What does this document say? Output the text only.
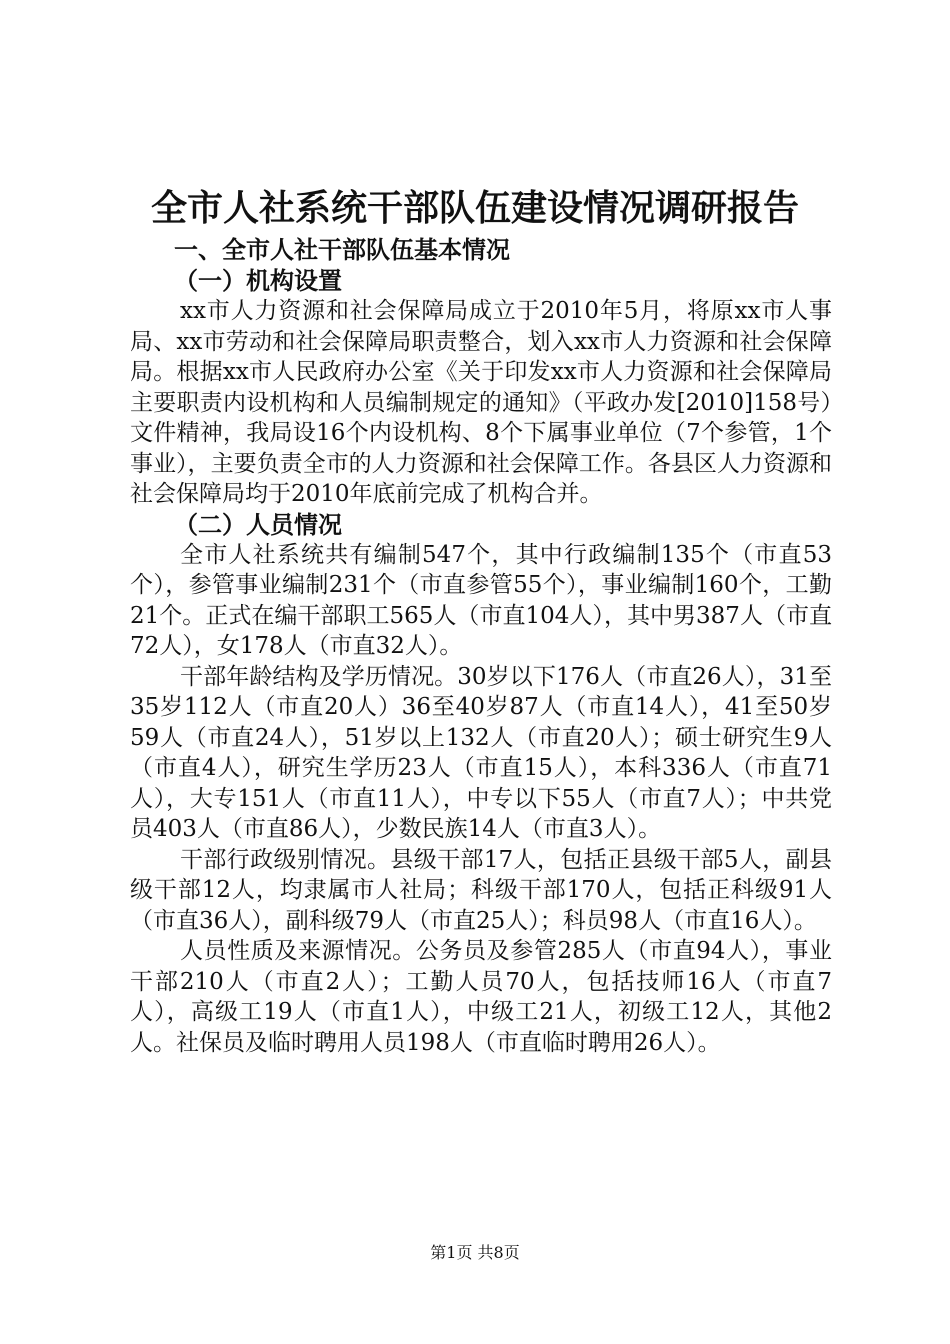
全市人社系统干部队伍建设情况调研报告
一、全市人社干部队伍基本情况
（一）机构设置

xx市人力资源和社会保障局成立于2010年5月，将原xx市人事局、xx市劳动和社会保障局职责整合，划入xx市人力资源和社会保障局。根据xx市人民政府办公室《关于印发xx市人力资源和社会保障局主要职责内设机构和人员编制规定的通知》（平政办发[2010]158号）文件精神，我局设16个内设机构、8个下属事业单位（7个参管，1个事业），主要负责全市的人力资源和社会保障工作。各县区人力资源和社会保障局均于2010年底前完成了机构合并。

（二）人员情况

全市人社系统共有编制547个，其中行政编制135个（市直53个），参管事业编制231个（市直参管55个），事业编制160个，工勤21个。正式在编干部职工565人（市直104人），其中男387人（市直72人），女178人（市直32人）。

干部年龄结构及学历情况。30岁以下176人（市直26人），31至35岁112人（市直20人）36至40岁87人（市直14人），41至50岁59人（市直24人），51岁以上132人（市直20人）；硕士研究生9人（市直4人），研究生学历23人（市直15人），本科336人（市直71人），大专151人（市直11人），中专以下55人（市直7人）；中共党员403人（市直86人），少数民族14人（市直3人）。

干部行政级别情况。县级干部17人，包括正县级干部5人，副县级干部12人，均隶属市人社局；科级干部170人，包括正科级91人（市直36人），副科级79人（市直25人）；科员98人（市直16人）。

人员性质及来源情况。公务员及参管285人（市直94人），事业干部210人（市直2人）；工勤人员70人，包括技师16人（市直7人），高级工19人（市直1人），中级工21人，初级工12人，其他2人。社保员及临时聘用人员198人（市直临时聘用26人）。

第1页 共8页
